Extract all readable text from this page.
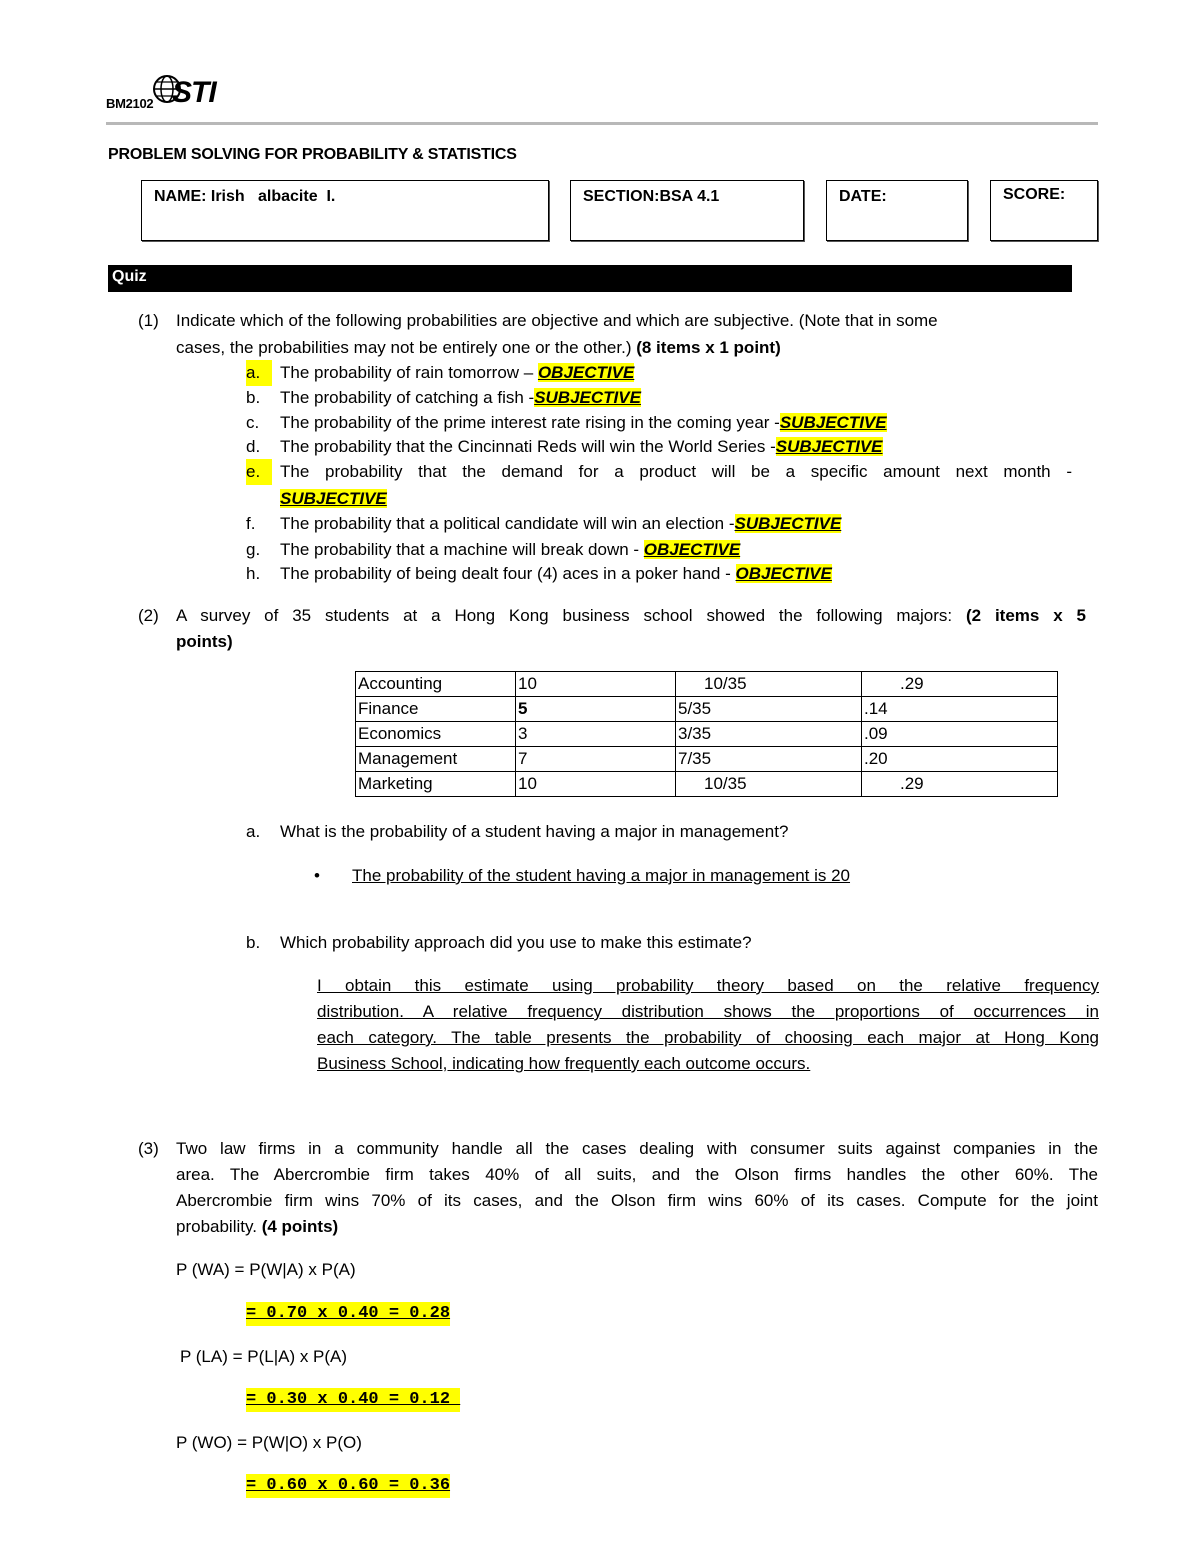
BM2102 STI
PROBLEM SOLVING FOR PROBABILITY & STATISTICS
NAME: Irish   albacite  I.	SECTION:BSA 4.1	DATE:	SCORE:
Quiz
(1) Indicate which of the following probabilities are objective and which are subjective. (Note that in some
cases, the probabilities may not be entirely one or the other.) (8 items x 1 point)
a. The probability of rain tomorrow – OBJECTIVE
b. The probability of catching a fish -SUBJECTIVE
c. The probability of the prime interest rate rising in the coming year -SUBJECTIVE
d. The probability that the Cincinnati Reds will win the World Series -SUBJECTIVE
e.	The probability that the demand for a product will be a specific amount next month -
SUBJECTIVE
f. The probability that a political candidate will win an election -SUBJECTIVE
g. The probability that a machine will break down - OBJECTIVE
h. The probability of being dealt four (4) aces in a poker hand - OBJECTIVE
(2) A survey of 35 students at a Hong Kong business school showed the following majors: (2 items x 5
points)
Accounting	10	10/35	.29
Finance	5	5/35	.14
Economics	3	3/35	.09
Management	7	7/35	.20
Marketing	10	10/35	.29
a. What is the probability of a student having a major in management?
• The probability of the student having a major in management is 20
b. Which probability approach did you use to make this estimate?
I obtain this estimate using probability theory based on the relative frequency
distribution. A relative frequency distribution shows the proportions of occurrences in
each category. The table presents the probability of choosing each major at Hong Kong
Business School, indicating how frequently each outcome occurs.
(3) Two law firms in a community handle all the cases dealing with consumer suits against companies in the
area. The Abercrombie firm takes 40% of all suits, and the Olson firms handles the other 60%. The
Abercrombie firm wins 70% of its cases, and the Olson firm wins 60% of its cases. Compute for the joint
probability. (4 points)
P (WA) = P(W|A) x P(A)
= 0.70 x 0.40 = 0.28
P (LA) = P(L|A) x P(A)
= 0.30 x 0.40 = 0.12
P (WO) = P(W|O) x P(O)
= 0.60 x 0.60 = 0.36
